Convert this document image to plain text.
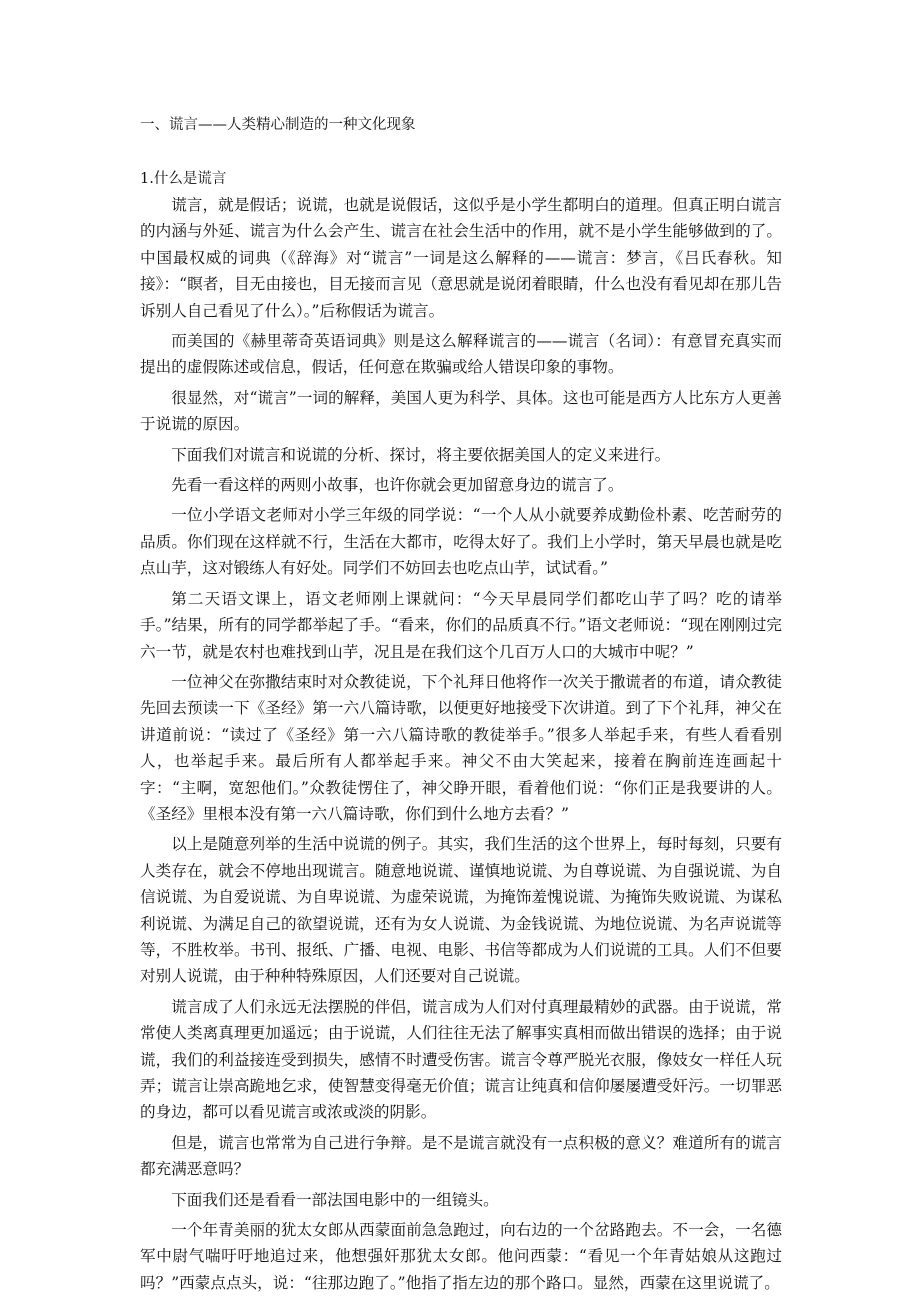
一、谎言——人类精心制造的一种文化现象
1.什么是谎言

谎言，就是假话；说谎，也就是说假话，这似乎是小学生都明白的道理。但真正明白谎言的内涵与外延、谎言为什么会产生、谎言在社会生活中的作用，就不是小学生能够做到的了。中国最权威的词典（《辞海》对“谎言”一词是这么解释的——谎言：梦言，《吕氏春秋。知接》：“瞑者，目无由接也，目无接而言见（意思就是说闭着眼睛，什么也没有看见却在那儿告诉别人自己看见了什么）。”后称假话为谎言。

而美国的《赫里蒂奇英语词典》则是这么解释谎言的——谎言（名词）：有意冒充真实而提出的虚假陈述或信息，假话，任何意在欺骗或给人错误印象的事物。

很显然，对“谎言”一词的解释，美国人更为科学、具体。这也可能是西方人比东方人更善于说谎的原因。

下面我们对谎言和说谎的分析、探讨，将主要依据美国人的定义来进行。

先看一看这样的两则小故事，也许你就会更加留意身边的谎言了。

一位小学语文老师对小学三年级的同学说：“一个人从小就要养成勤俭朴素、吃苦耐劳的品质。你们现在这样就不行，生活在大都市，吃得太好了。我们上小学时，第天早晨也就是吃点山芋，这对锻练人有好处。同学们不妨回去也吃点山芋，试试看。”

第二天语文课上，语文老师刚上课就问：“今天早晨同学们都吃山芋了吗？吃的请举手。”结果，所有的同学都举起了手。“看来，你们的品质真不行。”语文老师说：“现在刚刚过完六一节，就是农村也难找到山芋，况且是在我们这个几百万人口的大城市中呢？”

一位神父在弥撒结束时对众教徒说，下个礼拜日他将作一次关于撒谎者的布道，请众教徒先回去预读一下《圣经》第一六八篇诗歌，以便更好地接受下次讲道。到了下个礼拜，神父在讲道前说：“读过了《圣经》第一六八篇诗歌的教徒举手。”很多人举起手来，有些人看看别人，也举起手来。最后所有人都举起手来。神父不由大笑起来，接着在胸前连连画起十字：“主啊，宽恕他们。”众教徒愣住了，神父睁开眼，看着他们说：“你们正是我要讲的人。《圣经》里根本没有第一六八篇诗歌，你们到什么地方去看？”

以上是随意列举的生活中说谎的例子。其实，我们生活的这个世界上，每时每刻，只要有人类存在，就会不停地出现谎言。随意地说谎、谨慎地说谎、为自尊说谎、为自强说谎、为自信说谎、为自爱说谎、为自卑说谎、为虚荣说谎，为掩饰羞愧说谎、为掩饰失败说谎、为谋私利说谎、为满足自己的欲望说谎，还有为女人说谎、为金钱说谎、为地位说谎、为名声说谎等等，不胜枚举。书刊、报纸、广播、电视、电影、书信等都成为人们说谎的工具。人们不但要对别人说谎，由于种种特殊原因，人们还要对自己说谎。

谎言成了人们永远无法摆脱的伴侣，谎言成为人们对付真理最精妙的武器。由于说谎，常常使人类离真理更加遥远；由于说谎，人们往往无法了解事实真相而做出错误的选择；由于说谎，我们的利益接连受到损失，感情不时遭受伤害。谎言令尊严脱光衣服，像妓女一样任人玩弄；谎言让崇高跪地乞求，使智慧变得毫无价值；谎言让纯真和信仰屡屡遭受奸污。一切罪恶的身边，都可以看见谎言或浓或淡的阴影。

但是，谎言也常常为自己进行争辩。是不是谎言就没有一点积极的意义？难道所有的谎言都充满恶意吗？

下面我们还是看看一部法国电影中的一组镜头。

一个年青美丽的犹太女郎从西蒙面前急急跑过，向右边的一个岔路跑去。不一会，一名德军中尉气喘吁吁地追过来，他想强奸那犹太女郎。他问西蒙：“看见一个年青姑娘从这跑过吗？”西蒙点点头，说：“往那边跑了。”他指了指左边的那个路口。显然，西蒙在这里说谎了。
